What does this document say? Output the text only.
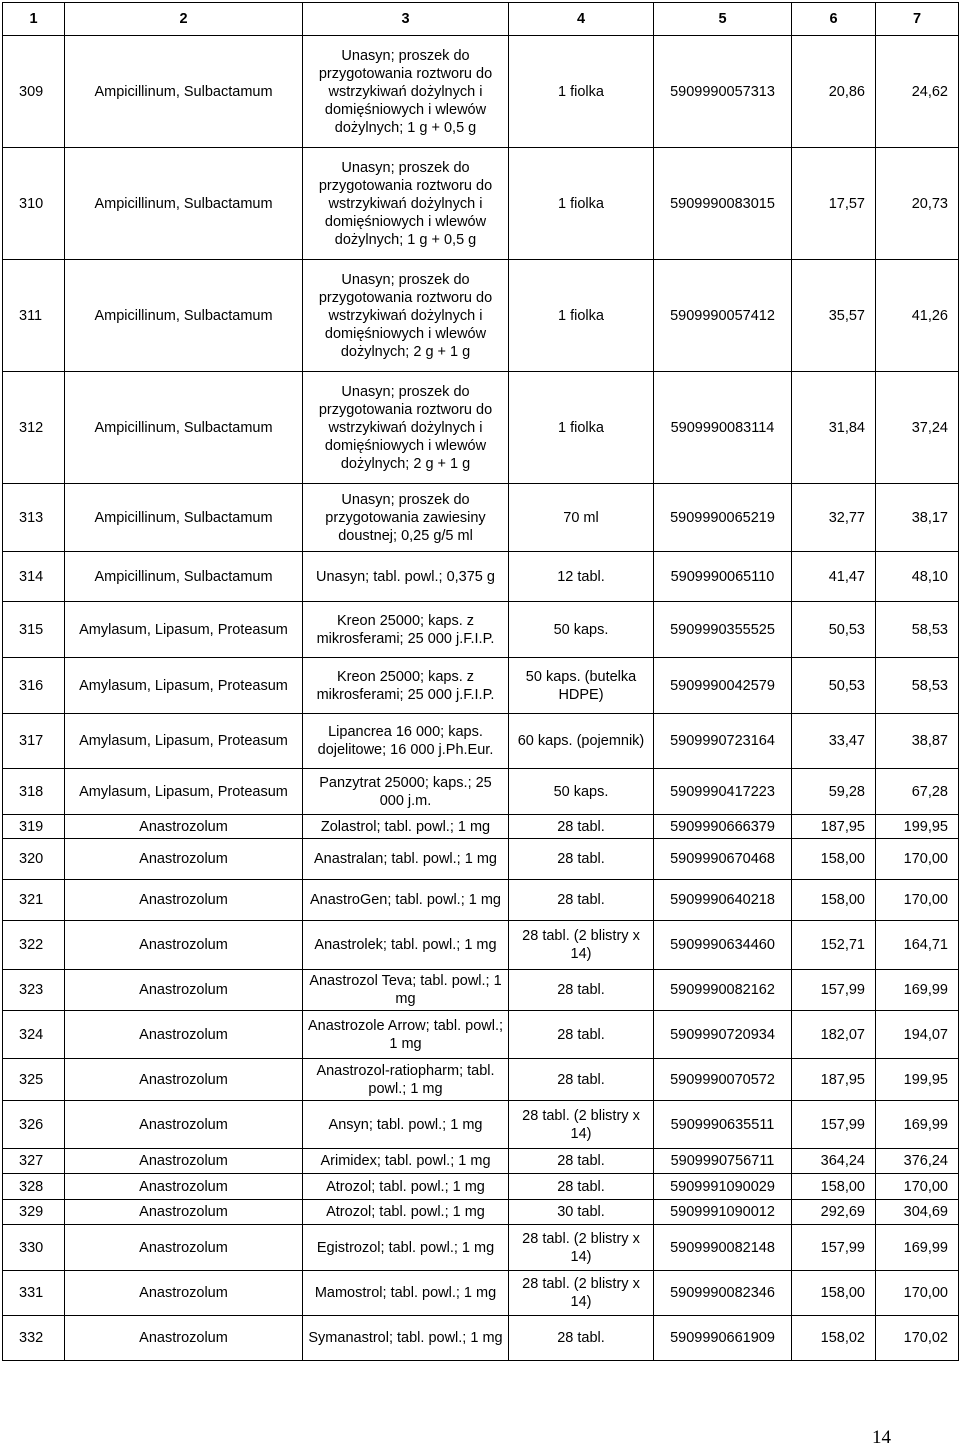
1	2	3	4	5	6	7
309	Ampicillinum, Sulbactamum	Unasyn; proszek do przygotowania roztworu do wstrzykiwań dożylnych i domięśniowych i wlewów dożylnych; 1 g + 0,5 g	1 fiolka	5909990057313	20,86	24,62
310	Ampicillinum, Sulbactamum	Unasyn; proszek do przygotowania roztworu do wstrzykiwań dożylnych i domięśniowych i wlewów dożylnych; 1 g + 0,5 g	1 fiolka	5909990083015	17,57	20,73
311	Ampicillinum, Sulbactamum	Unasyn; proszek do przygotowania roztworu do wstrzykiwań dożylnych i domięśniowych i wlewów dożylnych; 2 g + 1 g	1 fiolka	5909990057412	35,57	41,26
312	Ampicillinum, Sulbactamum	Unasyn; proszek do przygotowania roztworu do wstrzykiwań dożylnych i domięśniowych i wlewów dożylnych; 2 g + 1 g	1 fiolka	5909990083114	31,84	37,24
313	Ampicillinum, Sulbactamum	Unasyn; proszek do przygotowania zawiesiny doustnej; 0,25 g/5 ml	70 ml	5909990065219	32,77	38,17
314	Ampicillinum, Sulbactamum	Unasyn; tabl. powl.; 0,375 g	12 tabl.	5909990065110	41,47	48,10
315	Amylasum, Lipasum, Proteasum	Kreon 25000; kaps. z mikrosferami; 25 000 j.F.I.P.	50 kaps.	5909990355525	50,53	58,53
316	Amylasum, Lipasum, Proteasum	Kreon 25000; kaps. z mikrosferami; 25 000 j.F.I.P.	50 kaps. (butelka HDPE)	5909990042579	50,53	58,53
317	Amylasum, Lipasum, Proteasum	Lipancrea 16 000; kaps. dojelitowe; 16 000 j.Ph.Eur.	60 kaps. (pojemnik)	5909990723164	33,47	38,87
318	Amylasum, Lipasum, Proteasum	Panzytrat 25000; kaps.; 25 000 j.m.	50 kaps.	5909990417223	59,28	67,28
319	Anastrozolum	Zolastrol; tabl. powl.; 1 mg	28 tabl.	5909990666379	187,95	199,95
320	Anastrozolum	Anastralan; tabl. powl.; 1 mg	28 tabl.	5909990670468	158,00	170,00
321	Anastrozolum	AnastroGen; tabl. powl.; 1 mg	28 tabl.	5909990640218	158,00	170,00
322	Anastrozolum	Anastrolek; tabl. powl.; 1 mg	28 tabl. (2 blistry x 14)	5909990634460	152,71	164,71
323	Anastrozolum	Anastrozol Teva; tabl. powl.; 1 mg	28 tabl.	5909990082162	157,99	169,99
324	Anastrozolum	Anastrozole Arrow; tabl. powl.; 1 mg	28 tabl.	5909990720934	182,07	194,07
325	Anastrozolum	Anastrozol-ratiopharm; tabl. powl.; 1 mg	28 tabl.	5909990070572	187,95	199,95
326	Anastrozolum	Ansyn; tabl. powl.; 1 mg	28 tabl. (2 blistry x 14)	5909990635511	157,99	169,99
327	Anastrozolum	Arimidex; tabl. powl.; 1 mg	28 tabl.	5909990756711	364,24	376,24
328	Anastrozolum	Atrozol; tabl. powl.; 1 mg	28 tabl.	5909991090029	158,00	170,00
329	Anastrozolum	Atrozol; tabl. powl.; 1 mg	30 tabl.	5909991090012	292,69	304,69
330	Anastrozolum	Egistrozol; tabl. powl.; 1 mg	28 tabl. (2 blistry x 14)	5909990082148	157,99	169,99
331	Anastrozolum	Mamostrol; tabl. powl.; 1 mg	28 tabl. (2 blistry x 14)	5909990082346	158,00	170,00
332	Anastrozolum	Symanastrol; tabl. powl.; 1 mg	28 tabl.	5909990661909	158,02	170,02
14
